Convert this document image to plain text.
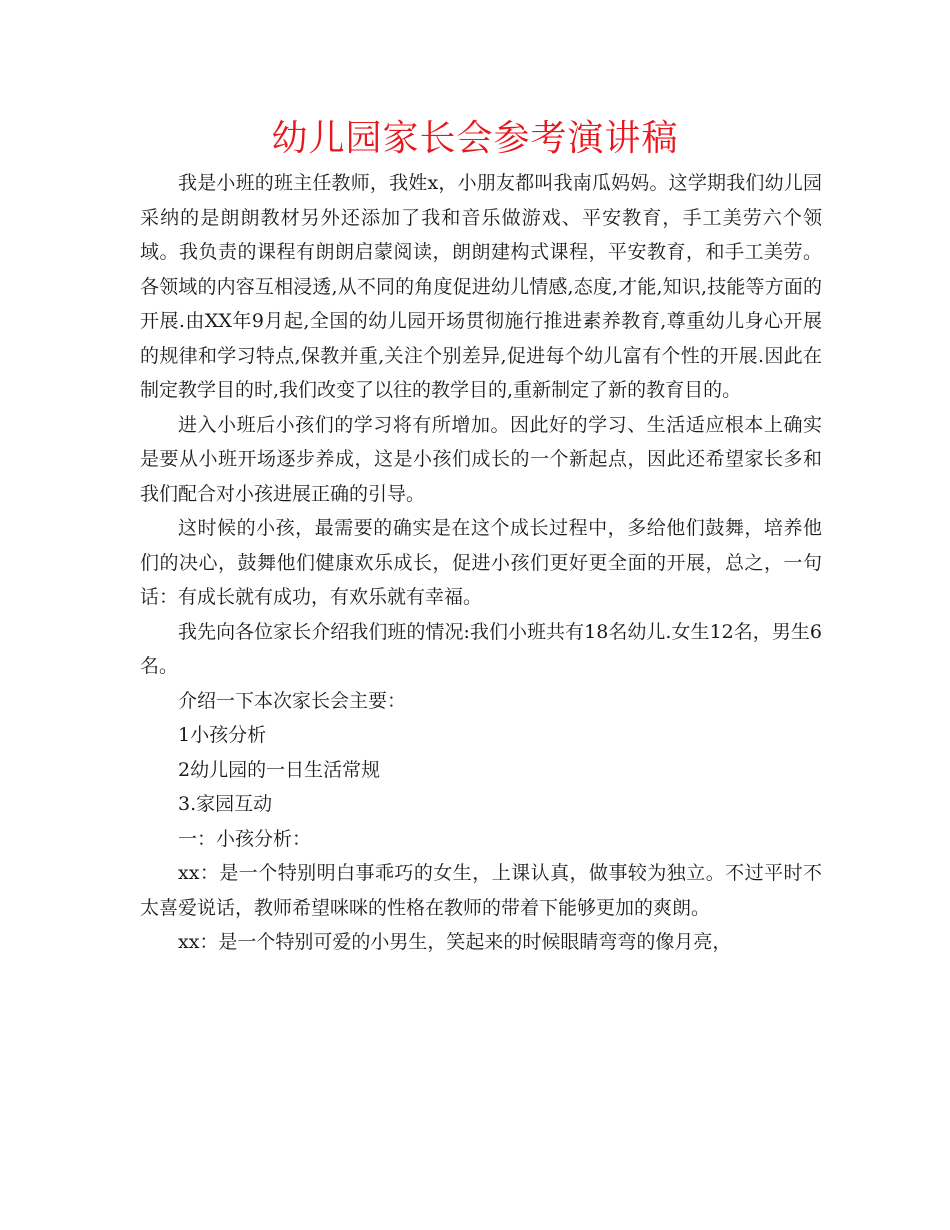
幼儿园家长会参考演讲稿

我是小班的班主任教师，我姓x，小朋友都叫我南瓜妈妈。这学期我们幼儿园采纳的是朗朗教材另外还添加了我和音乐做游戏、平安教育，手工美劳六个领域。我负责的课程有朗朗启蒙阅读，朗朗建构式课程，平安教育，和手工美劳。各领域的内容互相浸透,从不同的角度促进幼儿情感,态度,才能,知识,技能等方面的开展.由XX年9月起,全国的幼儿园开场贯彻施行推进素养教育,尊重幼儿身心开展的规律和学习特点,保教并重,关注个别差异,促进每个幼儿富有个性的开展.因此在制定教学目的时,我们改变了以往的教学目的,重新制定了新的教育目的。

进入小班后小孩们的学习将有所增加。因此好的学习、生活适应根本上确实是要从小班开场逐步养成，这是小孩们成长的一个新起点，因此还希望家长多和我们配合对小孩进展正确的引导。

这时候的小孩，最需要的确实是在这个成长过程中，多给他们鼓舞，培养他们的决心，鼓舞他们健康欢乐成长，促进小孩们更好更全面的开展，总之，一句话：有成长就有成功，有欢乐就有幸福。

我先向各位家长介绍我们班的情况:我们小班共有18名幼儿.女生12名，男生6名。

介绍一下本次家长会主要：

1小孩分析

2幼儿园的一日生活常规

3.家园互动

一：小孩分析：

xx：是一个特别明白事乖巧的女生，上课认真，做事较为独立。不过平时不太喜爱说话，教师希望咪咪的性格在教师的带着下能够更加的爽朗。

xx：是一个特别可爱的小男生，笑起来的时候眼睛弯弯的像月亮，
